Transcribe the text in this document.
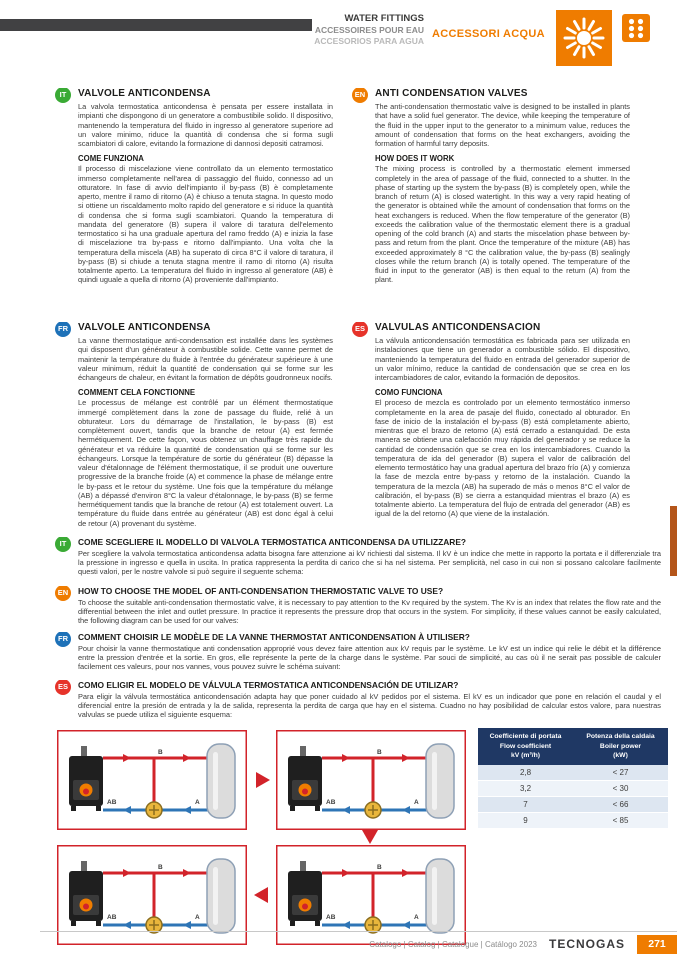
WATER FITTINGS
ACCESSOIRES POUR EAU
ACCESORIOS PARA AGUA
ACCESSORI ACQUA
IT	VALVOLE ANTICONDENSA

La valvola termostatica anticondensa è pensata per essere installata in impianti che dispongono di un generatore a combustibile solido. Il dispositivo, mantenendo la temperatura del fluido in ingresso al generatore superiore ad un valore minimo, riduce la quantità di condensa che si forma sugli scambiatori di calore, evitando la formazione di dannosi depositi catramosi.

COME FUNZIONA

Il processo di miscelazione viene controllato da un elemento termostatico immerso completamente nell'area di passaggio del fluido, connesso ad un otturatore. In fase di avvio dell'impianto il by-pass (B) è completamente aperto, mentre il ramo di ritorno (A) è chiuso a tenuta stagna. In questo modo si ottiene un riscaldamento molto rapido del generatore e si riduce la quantità di condensa che si forma sugli scambiatori. Quando la temperatura di mandata del generatore (B) supera il valore di taratura dell'elemento termostatico si ha una graduale apertura del ramo freddo (A) e inizia la fase di miscelazione tra by-pass e ritorno dall'impianto. Una volta che la temperatura della miscela (AB) ha superato di circa 8°C il valore di taratura, il by-pass (B) si chiude a tenuta stagna mentre il ramo di ritorno (A) risulta totalmente aperto. La temperatura del fluido in ingresso al generatore (AB) è quindi uguale a quella di ritorno (A) proveniente dall'impianto.

EN ANTI CONDENSATION VALVES

The anti-condensation thermostatic valve is designed to be installed in plants that have a solid fuel generator. The device, while keeping the temperature of the fluid in the upper input to the generator to a minimum value, reduces the amount of condensation that forms on the heat exchangers, avoiding the formation of harmful tarry deposits.

HOW DOES IT WORK

The mixing process is controlled by a thermostatic element immersed completely in the area of passage of the fluid, connected to a shutter. In the phase of starting up the system the by-pass (B) is completely open, while the branch of return (A) is closed watertight. In this way a very rapid heating of the generator is obtained while the amount of condensation that forms on the heat exchangers is reduced. When the flow temperature of the generator (B) exceeds the calibration value of the thermostatic element there is a gradual opening of the cold branch (A) and starts the miscelation phase between by-pass and return from the plant. Once the temperature of the mixture (AB) has exceeded approximately 8 °C the calibration value, the by-pass (B) sealingly closes while the return branch (A) is totally opened. The temperature of the fluid in input to the generator (AB) is then equal to the return (A) from the plant.

FR	VALVOLE ANTICONDENSA

La vanne thermostatique anti-condensation est installée dans les systèmes qui disposent d'un générateur à combustible solide. Cette vanne permet de maintenir la température du fluide à l'entrée du générateur supérieure à une valeur minimum, réduit la quantité de condensation qui se forme sur les échangeurs de chaleur, en évitant la formation de dépôts goudronneux nocifs.

COMMENT CELA FONCTIONNE

Le processus de mélange est contrôlé par un élément thermostatique immergé complètement dans la zone de passage du fluide, relié à un obturateur. Lors du démarrage de l'installation, le by-pass (B) est complètement ouvert, tandis que la branche de retour (A) est fermée hermétiquement. De cette façon, vous obtenez un chauffage très rapide du générateur et va réduire la quantité de condensation qui se forme sur les échangeurs. Lorsque la température de sortie du générateur (B) dépasse la valeur d'étalonnage de l'élément thermostatique, il se produit une ouverture progressive de la branche froide (A) et commence la phase de mélange entre le by-pass et le retour du système. Une fois que la température du mélange (AB) a dépassé d'environ 8°C la valeur d'étalonnage, le by-pass (B) se ferme hermétiquement tandis que la branche de retour (A) est totalement ouvert. La température du fluide dans entrée au générateur (AB) est donc égal à celui de retour (A) provenant du système.

ES	VALVULAS ANTICONDENSACIÓN

La válvula anticondensación termostática es fabricada para ser utilizada en instalaciones que tiene un generador a combustible sólido. El dispositivo, manteniendo la temperatura del fluido en entrada del generador superior de un valor mínimo, reduce la cantidad de condensación que se crea en los intercambiadores de calor, evitando la formación de depositos.

COMO FUNCIONA

El proceso de mezcla es controlado por un elemento termostático inmerso completamente en la area de pasaje del fluido, conectado al obturador. En fase de inicio de la instalación el by-pass (B) está completamente abierto, mientras que el brazo de retorno (A) está cerrado a estanquidad. De esta manera se obtiene una calefacción muy rápida del generador y se reduce la cantidad de condensación que se crea en los intercambiadores. Cuando la temperatura de ida del generador (B) supera el valor de calibración del elemento termostático hay una gradual apertura del brazo frío (A) y comienza la fase de mezcla entre by-pass y retorno de la instalación. Cuando la temperatura de la mezcla (AB) ha superado de más o menos 8°C el valor de calibración, el by-pass (B) se cierra a estanquidad mientras el brazo (A) es totalmente abierto. La temperatura del flujo de entrada del generador (AB) es igual de la del retorno (A) que viene de la instalación.

IT	COME SCEGLIERE IL MODELLO DI VALVOLA TERMOSTATICA ANTICONDENSA DA UTILIZZARE?

Per scegliere la valvola termostatica anticondensa adatta bisogna fare attenzione ai kV richiesti dal sistema. Il kV è un indice che mette in rapporto la portata e il differenziale tra la pressione in ingresso e quella in uscita. In pratica rappresenta la perdita di carico che si ha nel sistema. Per semplicità, nel caso in cui non si possano calcolare facilmente questi valori, per le nostre valvole si può seguire il seguente schema:

EN	HOW TO CHOOSE THE MODEL OF ANTI-CONDENSATION THERMOSTATIC VALVE TO USE?

To choose the suitable anti-condensation thermostatic valve, it is necessary to pay attention to the Kv required by the system. The Kv is an index that relates the flow rate and the differential between the inlet and outlet pressure. In practice it represents the pressure drop that occurs in the system. For simplicity, if these values cannot be easily calculated, the following diagram can be used for our valves:

FR	COMMENT CHOISIR LE MODÈLE DE LA VANNE THERMOSTAT ANTICONDENSATION À UTILISER?

Pour choisir la vanne thermostatique anti condensation approprié vous devez faire attention aux kV requis par le système. Le kV est un indice qui relie le débit et la différence entre la pression d'entrée et la sortie. En gros, elle représente la perte de la charge dans le système. Par souci de simplicité, au cas où il ne serait pas possible de calculer facilement ces valeurs, pour nos vannes, vous pouvez suivre le schéma suivant:

ES	COMO ELIGIR EL MODELO DE VÁLVULA TERMOSTATICA ANTICONDENSACIÓN DE UTILIZAR?

Para eligir la válvula termostática anticondensación adapta hay que poner cuidado al kV pedidos por el sistema. El kV es un indicador que pone en relación el caudal y el diferencial entre la presión de entrada y la de salida, representa la perdita de carga que hay en el sistema. Cuadno no hay posibilidad de calcular estos valore, para nuestras valvulas se puede utiliza el siguiente esquema:

B
A
AB
B
A
AB
B
A
AB
B
A
AB
Coefficiente di portata
Flow coefficient
kV (m³/h)
Potenza della caldaia
Boiler power
(kW)
2,8	< 27
3,2	< 30
7	< 66
9	< 85
Catalogo | Catalog | Catalogue | Catálogo 2023 TECNOGAS	271
